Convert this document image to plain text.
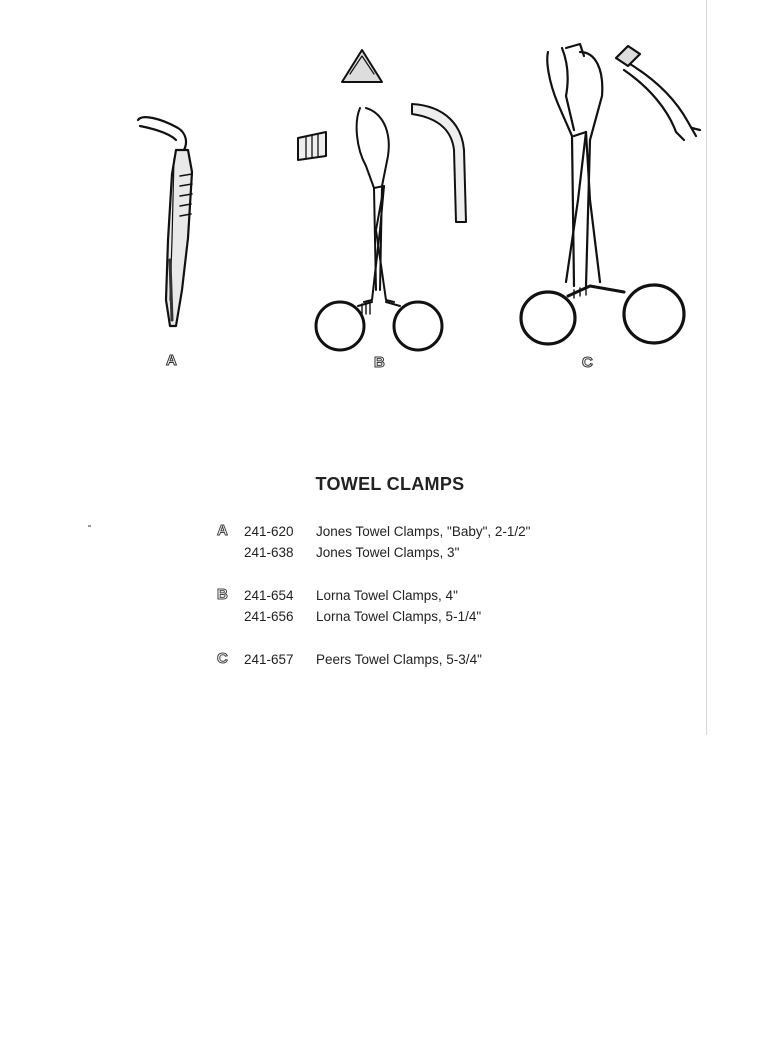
A	B	C
TOWEL CLAMPS
A 241-620 Jones Towel Clamps, "Baby", 2-1/2"
241-638 Jones Towel Clamps, 3"
B 241-654 Lorna Towel Clamps, 4"
241-656 Lorna Towel Clamps, 5-1/4"
C 241-657 Peers Towel Clamps, 5-3/4"
